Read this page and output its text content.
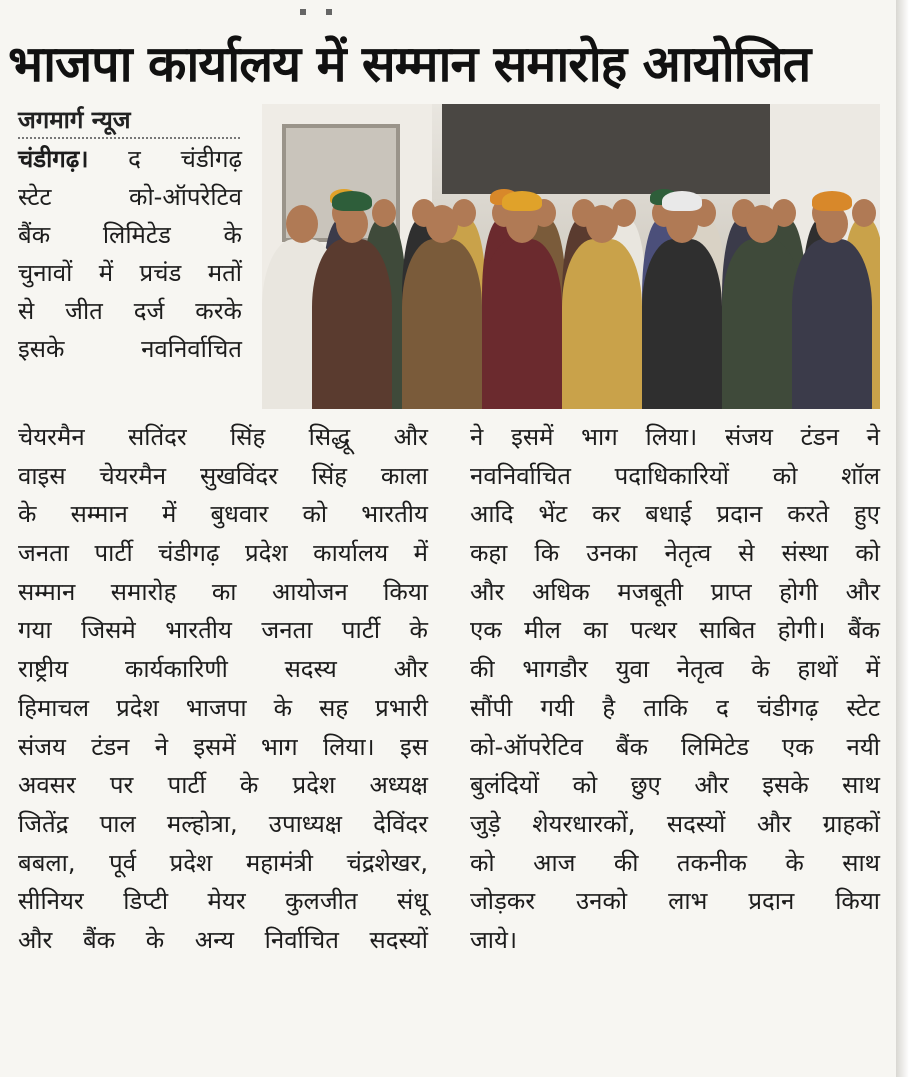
भाजपा कार्यालय में सम्मान समारोह आयोजित
जगमार्ग न्यूज
चंडीगढ़। द चंडीगढ़
स्टेट	को-ऑपरेटिव
बैंक लिमिटेड के
चुनावों में प्रचंड मतों
से जीत दर्ज करके
इसके	नवनिर्वाचित
चेयरमैन सतिंदर सिंह सिद्धू और
वाइस चेयरमैन सुखविंदर सिंह काला
के सम्मान में बुधवार को भारतीय
जनता पार्टी चंडीगढ़ प्रदेश कार्यालय में
सम्मान समारोह का आयोजन किया
गया जिसमे भारतीय जनता पार्टी के
राष्ट्रीय कार्यकारिणी सदस्य और
हिमाचल प्रदेश भाजपा के सह प्रभारी
संजय टंडन ने इसमें भाग लिया। इस
अवसर पर पार्टी के प्रदेश अध्यक्ष
जितेंद्र पाल मल्होत्रा, उपाध्यक्ष देविंदर
बबला, पूर्व प्रदेश महामंत्री चंद्रशेखर,
सीनियर डिप्टी मेयर कुलजीत संधू
और बैंक के अन्य निर्वाचित सदस्यों
ने इसमें भाग लिया। संजय टंडन ने
नवनिर्वाचित पदाधिकारियों को शॉल
आदि भेंट कर बधाई प्रदान करते हुए
कहा कि उनका नेतृत्व से संस्था को
और अधिक मजबूती प्राप्त होगी और
एक मील का पत्थर साबित होगी। बैंक
की भागडौर युवा नेतृत्व के हाथों में
सौंपी गयी है ताकि द चंडीगढ़ स्टेट
को-ऑपरेटिव बैंक लिमिटेड एक नयी
बुलंदियों को छुए और इसके साथ
जुड़े शेयरधारकों, सदस्यों और ग्राहकों
को आज की तकनीक के साथ
जोड़कर उनको लाभ प्रदान किया
जाये।
